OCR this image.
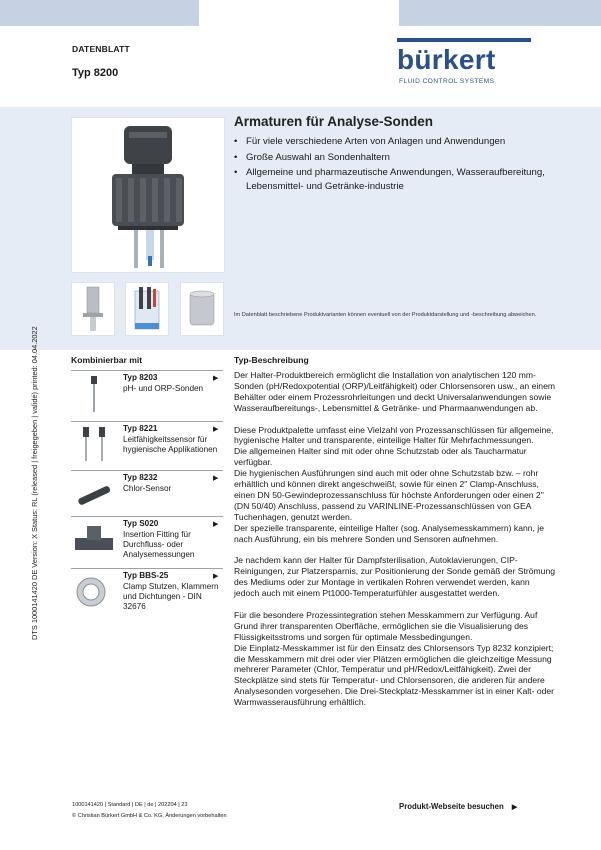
DATENBLATT
Typ 8200	bürkert
FLUID CONTROL SYSTEMS
Armaturen für Analyse-Sonden
• Für viele verschiedene Arten von Anlagen und Anwendungen
• Große Auswahl an Sondenhaltern
• Allgemeine und pharmazeutische Anwendungen, Wasseraufbereitung, Lebensmittel- und Getränke-industrie
Im Datenblatt beschriebene Produktvarianten können eventuell von der Produktdarstellung und -beschreibung abweichen.
DTS 1000141420 DE Version: X Status: RL (released | freigegeben | validé) printed: 04.04.2022	Kombinierbar mit
Typ 8203	▶
pH- und ORP-Sonden
Typ 8221	▶
Leitfähigkeitssensor für hygienische Applikationen
Typ 8232	▶
Chlor-Sensor
Typ S020	▶
Insertion Fitting für Durchfluss- oder Analysemessungen
Typ BBS-25	▶
Clamp Stutzen, Klammern und Dichtungen - DIN 32676
Typ-Beschreibung

Der Halter-Produktbereich ermöglicht die Installation von analytischen 120 mm-Sonden (pH/Redoxpotential (ORP)/Leitfähigkeit) oder Chlorsensoren usw., an einem Behälter oder einem Prozessrohrleitungen und deckt Universalanwendungen sowie Wasseraufbereitungs-, Lebensmittel & Getränke- und Pharmaanwendungen ab.

Diese Produktpalette umfasst eine Vielzahl von Prozessanschlüssen für allgemeine, hygienische Halter und transparente, einteilige Halter für Mehrfachmessungen.
Die allgemeinen Halter sind mit oder ohne Schutzstab oder als Taucharmatur verfügbar.
Die hygienischen Ausführungen sind auch mit oder ohne Schutzstab bzw. – rohr erhältlich und können direkt angeschweißt, sowie für einen 2" Clamp-Anschluss, einen DN 50-Gewindeprozessanschluss für höchste Anforderungen oder einen 2" (DN 50/40) Anschluss, passend zu VARINLINE-Prozessanschlüssen von GEA Tuchenhagen, genutzt werden.
Der spezielle transparente, einteilige Halter (sog. Analysemesskammern) kann, je nach Ausführung, ein bis mehrere Sonden und Sensoren aufnehmen.

Je nachdem kann der Halter für Dampfsterilisation, Autoklavierungen, CIP-Reinigungen, zur Platzersparnis, zur Positionierung der Sonde gemäß der Strömung des Mediums oder zur Montage in vertikalen Rohren verwendet werden, kann jedoch auch mit einem Pt1000-Temperaturfühler ausgestattet werden.

Für die besondere Prozessintegration stehen Messkammern zur Verfügung. Auf Grund ihrer transparenten Oberfläche, ermöglichen sie die Visualisierung des Flüssigkeitsstroms und sorgen für optimale Messbedingungen.
Die Einplatz-Messkammer ist für den Einsatz des Chlorsensors Typ 8232 konzipiert; die Messkammern mit drei oder vier Plätzen ermöglichen die gleichzeitige Messung mehrerer Parameter (Chlor, Temperatur und pH/Redox/Leitfähigkeit). Zwei der Steckplätze sind stets für Temperatur- und Chlorsensoren, die anderen für andere Analysesonden vorgesehen. Die Drei-Steckplatz-Messkammer ist in einer Kalt- oder Warmwasserausführung erhältlich.

1000141420 | Standard | DE | de | 202204 | 23
© Christian Bürkert GmbH & Co. KG, Änderungen vorbehalten
Produkt-Webseite besuchen ▶
